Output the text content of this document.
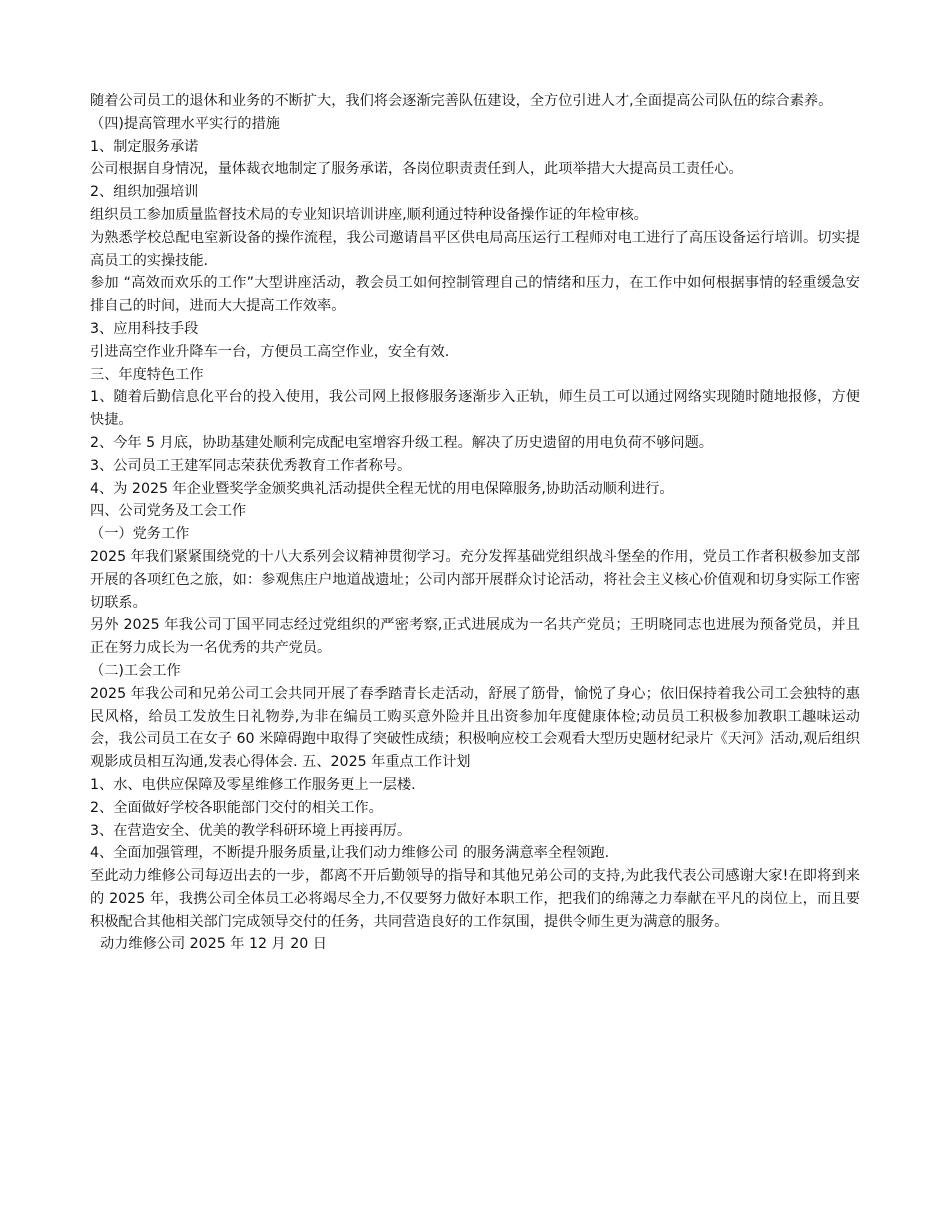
随着公司员工的退休和业务的不断扩大，我们将会逐渐完善队伍建设，全方位引进人才,全面提高公司队伍的综合素养。

（四)提高管理水平实行的措施

1、制定服务承诺

公司根据自身情况，量体裁衣地制定了服务承诺，各岗位职责责任到人，此项举措大大提高员工责任心。

2、组织加强培训

组织员工参加质量监督技术局的专业知识培训讲座,顺利通过特种设备操作证的年检审核。

为熟悉学校总配电室新设备的操作流程，我公司邀请昌平区供电局高压运行工程师对电工进行了高压设备运行培训。切实提高员工的实操技能.

参加 “高效而欢乐的工作”大型讲座活动，教会员工如何控制管理自己的情绪和压力，在工作中如何根据事情的轻重缓急安排自己的时间，进而大大提高工作效率。

3、应用科技手段

引进高空作业升降车一台，方便员工高空作业，安全有效.

三、年度特色工作

1、随着后勤信息化平台的投入使用，我公司网上报修服务逐渐步入正轨，师生员工可以通过网络实现随时随地报修，方便快捷。

2、今年 5 月底，协助基建处顺利完成配电室增容升级工程。解决了历史遗留的用电负荷不够问题。

3、公司员工王建军同志荣获优秀教育工作者称号。

4、为 2025 年企业暨奖学金颁奖典礼活动提供全程无忧的用电保障服务,协助活动顺利进行。

四、公司党务及工会工作

（一）党务工作

2025 年我们紧紧围绕党的十八大系列会议精神贯彻学习。充分发挥基础党组织战斗堡垒的作用，党员工作者积极参加支部开展的各项红色之旅，如：参观焦庄户地道战遗址；公司内部开展群众讨论活动，将社会主义核心价值观和切身实际工作密切联系。

另外 2025 年我公司丁国平同志经过党组织的严密考察,正式进展成为一名共产党员；王明晓同志也进展为预备党员，并且正在努力成长为一名优秀的共产党员。

（二)工会工作

2025 年我公司和兄弟公司工会共同开展了春季踏青长走活动，舒展了筋骨，愉悦了身心；依旧保持着我公司工会独特的惠民风格，给员工发放生日礼物券,为非在编员工购买意外险并且出资参加年度健康体检;动员员工积极参加教职工趣味运动会，我公司员工在女子 60 米障碍跑中取得了突破性成绩；积极响应校工会观看大型历史题材纪录片《天河》活动,观后组织观影成员相互沟通,发表心得体会. 五、2025 年重点工作计划

1、水、电供应保障及零星维修工作服务更上一层楼.

2、全面做好学校各职能部门交付的相关工作。

3、在营造安全、优美的教学科研环境上再接再厉。

4、全面加强管理，不断提升服务质量,让我们动力维修公司 的服务满意率全程领跑.

至此动力维修公司每迈出去的一步，都离不开后勤领导的指导和其他兄弟公司的支持,为此我代表公司感谢大家!在即将到来的 2025 年，我携公司全体员工必将竭尽全力,不仅要努力做好本职工作，把我们的绵薄之力奉献在平凡的岗位上，而且要积极配合其他相关部门完成领导交付的任务，共同营造良好的工作氛围，提供令师生更为满意的服务。

动力维修公司 2025 年 12 月 20 日
